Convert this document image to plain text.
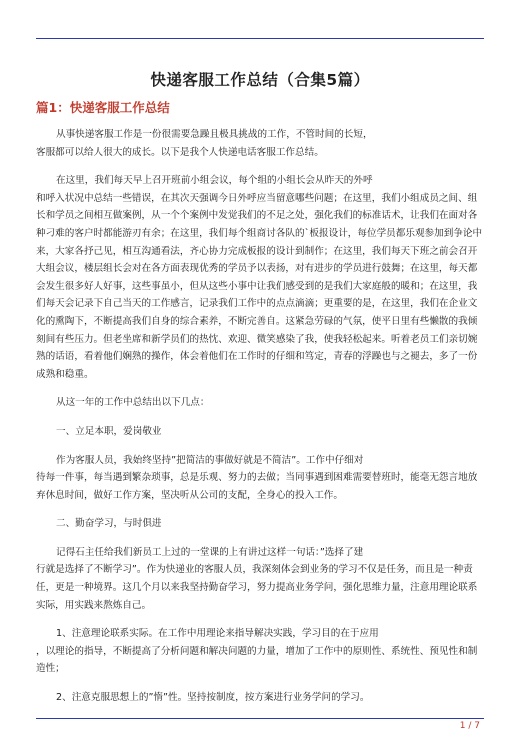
快递客服工作总结（合集5篇）
篇1：快递客服工作总结

从事快递客服工作是一份很需要急躁且极具挑战的工作，不管时间的长短，

客服都可以给人很大的成长。以下是我个人快递电话客服工作总结。

在这里，我们每天早上召开班前小组会议，每个组的小组长会从昨天的外呼

和呼入状况中总结一些错误，在其次天强调今日外呼应当留意哪些问题；在这里，我们小组成员之间、组长和学员之间相互做案例，从一个个案例中发觉我们的不足之处，强化我们的标准话术，让我们在面对各种刁难的客户时都能游刃有余；在这里，我们每个组商讨各队的`板报设计，每位学员都乐观参加到争论中来，大家各抒己见，相互沟通看法，齐心协力完成板报的设计到制作；在这里，我们每天下班之前会召开大组会议，楼层组长会对在各方面表现优秀的学员予以表扬，对有进步的学员进行鼓舞；在这里，每天都会发生很多好人好事，这些事虽小，但从这些小事中让我们感受到的是我们大家庭般的暖和；在这里，我们每天会记录下自己当天的工作感言，记录我们工作中的点点滴滴；更重要的是，在这里，我们在企业文化的熏陶下，不断提高我们自身的综合素养，不断完善自。这紧急劳碌的气氛，使平日里有些懒散的我倾刻间有些压力。但老坐席和新学员们的热忱、欢迎、微笑感染了我，使我轻松起来。听着老员工们亲切婉熟的话语，看着他们娴熟的操作，体会着他们在工作时的仔细和笃定，青春的浮躁也与之褪去，多了一份成熟和稳重。

从这一年的工作中总结出以下几点：

一、立足本职，爱岗敬业

作为客服人员，我始终坚持”把简洁的事做好就是不简洁”。工作中仔细对

待每一件事，每当遇到繁杂琐事，总是乐观、努力的去做；当同事遇到困难需要替班时，能毫无怨言地放弃休息时间，做好工作方案，坚决听从公司的支配，全身心的投入工作。

二、勤奋学习，与时俱进

记得石主任给我们新员工上过的一堂课的上有讲过这样一句话：”选择了建

行就是选择了不断学习”。作为快递业的客服人员，我深刻体会到业务的学习不仅是任务，而且是一种责任，更是一种境界。这几个月以来我坚持勤奋学习，努力提高业务学问，强化思维力量，注意用理论联系实际，用实践来熬炼自己。

1、注意理论联系实际。在工作中用理论来指导解决实践，学习目的在于应用

，以理论的指导，不断提高了分析问题和解决问题的力量，增加了工作中的原则性、系统性、预见性和制造性；

2、注意克服思想上的”惰”性。坚持按制度，按方案进行业务学问的学习。

1 / 7
